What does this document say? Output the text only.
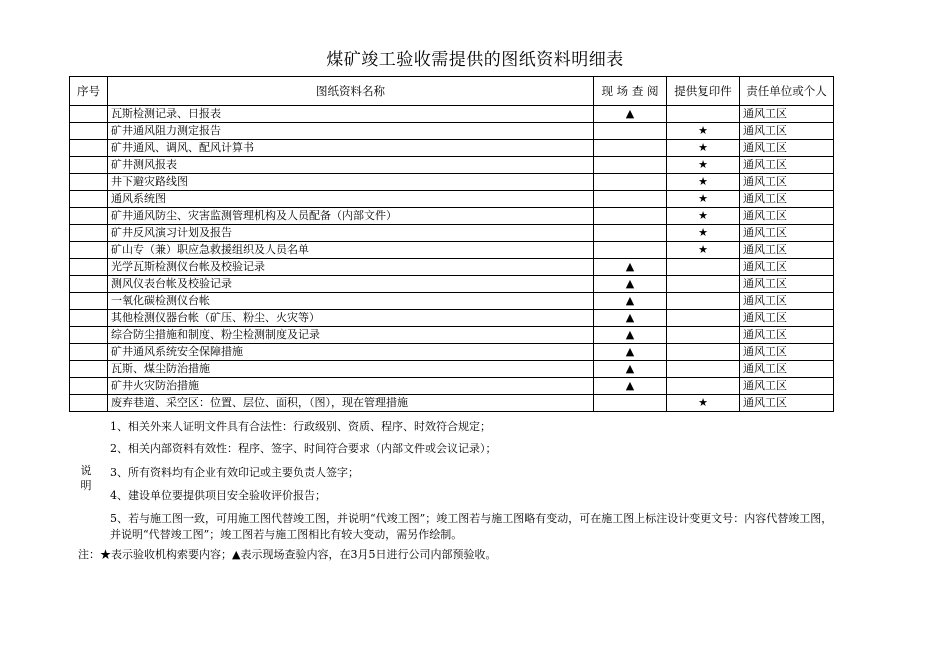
煤矿竣工验收需提供的图纸资料明细表
序号	图纸资料名称	现 场 查 阅	提供复印件	责任单位或个人
	瓦斯检测记录、日报表	▲		通风工区
	矿井通风阻力测定报告		★	通风工区
	矿井通风、调风、配风计算书		★	通风工区
	矿井测风报表		★	通风工区
	井下避灾路线图		★	通风工区
	通风系统图		★	通风工区
	矿井通风防尘、灾害监测管理机构及人员配备（内部文件）		★	通风工区
	矿井反风演习计划及报告		★	通风工区
	矿山专（兼）职应急救援组织及人员名单		★	通风工区
	光学瓦斯检测仪台帐及校验记录	▲		通风工区
	测风仪表台帐及校验记录	▲		通风工区
	一氧化碳检测仪台帐	▲		通风工区
	其他检测仪器台帐（矿压、粉尘、火灾等）	▲		通风工区
	综合防尘措施和制度、粉尘检测制度及记录	▲		通风工区
	矿井通风系统安全保障措施	▲		通风工区
	瓦斯、煤尘防治措施	▲		通风工区
	矿井火灾防治措施	▲		通风工区
	废弃巷道、采空区：位置、层位、面积，（图），现在管理措施		★	通风工区
说 明
1、相关外来人证明文件具有合法性：行政级别、资质、程序、时效符合规定；
2、相关内部资料有效性：程序、签字、时间符合要求（内部文件或会议记录）；
3、所有资料均有企业有效印记或主要负责人签字；
4、建设单位要提供项目安全验收评价报告；
5、若与施工图一致，可用施工图代替竣工图，并说明“代竣工图”；竣工图若与施工图略有变动，可在施工图上标注设计变更文号：内容代替竣工图，并说明“代替竣工图”；竣工图若与施工图相比有较大变动，需另作绘制。
注：★表示验收机构索要内容；▲表示现场查验内容，在3月5日进行公司内部预验收。
